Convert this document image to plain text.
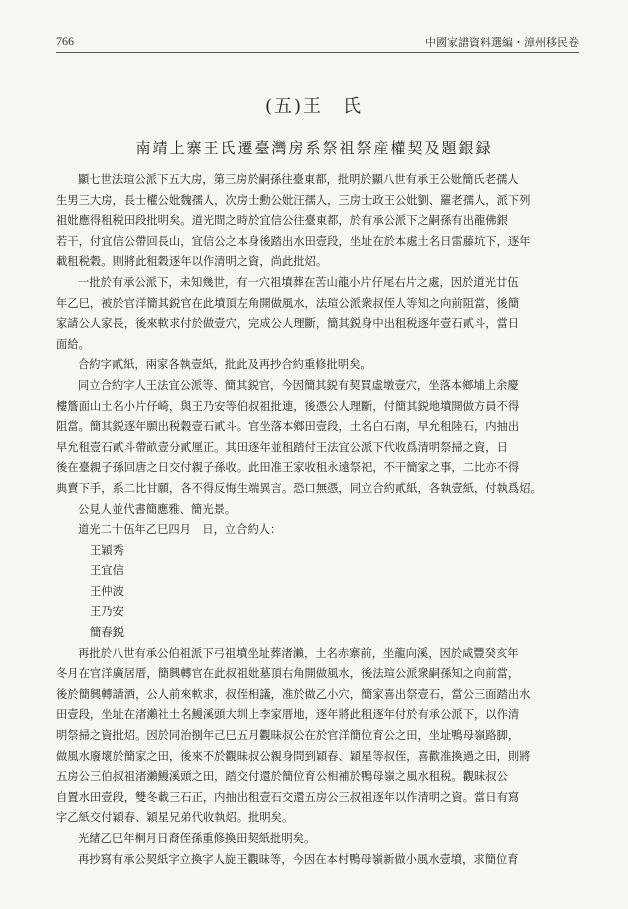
766	中國家譜資料選編・漳州移民卷
(五)王　氏
南靖上寨王氏遷臺灣房系祭祖祭産權契及題銀録
顯七世法瑄公派下五大房，第三房於嗣孫往臺東都，批明於顯八世有承王公妣簡氏老孺人
生男三大房，長士權公妣魏孺人，次房士勳公妣汪孺人，三房士政王公妣劉、羅老孺人，派下列
祖妣應得租税田段批明矣。道光間之時於宜信公往臺東都，於有承公派下之嗣孫有出龍佛銀
若干，付宜信公帶回長山，宜信公之本身後踏出水田壹段，坐址在於本處土名日雷藤坑下，逐年
載租税穀。則將此租穀逐年以作清明之資，尚此批炤。
一批於有承公派下，未知幾世，有一穴祖墳葬在苦山龍小片仔尾右片之處，因於道光廿伍
年乙巳，被於官洋簡其鋭官在此墳頂左角開做風水，法瑄公派衆叔侄人等知之向前阻當，後簡
家請公人家長，後來軟求付於做壹穴，完成公人理斷，簡其鋭身中出租税逐年壹石貳斗，當日
面給。
合約字貳紙，兩家各執壹紙，批此及再抄合約重修批明矣。
同立合約字人王法宜公派等、簡其鋭官，今因簡其鋭有契買虛墩壹穴，坐落本鄉埔上余慶
樓簷面山土名小片仔崎，與王乃安等伯叔祖批連，後憑公人理斷，付簡其鋭地墳開做方員不得
阻當。簡其鋭逐年願出税穀壹石貳斗。官坐落本鄉田壹段，土名白石南，早允租陸石，内抽出
早允租壹石貳斗帶畝壹分貳厘正。其田逐年並租踏付王法宜公派下代收爲清明祭掃之資，日
後在臺親子孫回唐之日交付親子孫收。此田准王家收租永遠祭祀，不干簡家之事，二比亦不得
典賣下手，系二比甘願，各不得反悔生端異言。恐口無憑，同立合約貳紙，各執壹紙，付執爲炤。
公見人並代書簡應雅、簡光景。
道光二十伍年乙巳四月　日，立合約人：
王穎秀
王宜信
王仲波
王乃安
簡春鋭
再批於八世有承公伯祖派下弓祖墳坐址葬渚瀨，土名赤寨前，坐龍向溪，因於咸豐癸亥年
冬月在官洋廣居厝，簡興轉官在此叔祖妣墓頂右角開做風水，後法瑄公派衆嗣孫知之向前當，
後於簡興轉請酒，公人前來軟求，叔侄相議，准於做乙小穴，簡家喜出祭壹石，當公三面踏出水
田壹段，坐址在渚瀨社土名鰻溪頭大圳上李家厝地，逐年將此租逐年付於有承公派下，以作清
明祭掃之資批炤。因於同治捌年己巳五月觀昧叔公在於官洋簡位育公之田，坐址鴨母嶺路脚，
做風水廢壞於簡家之田，後來不於觀昧叔公親身問到穎春、穎星等叔侄，喜歡准換過之田，則將
五房公三伯叔祖渚瀨鰻溪頭之田，踏交付還於簡位育公相補於鴨母嶺之風水租税。觀昧叔公
自置水田壹段，雙冬載三石正，内抽出租壹石交還五房公三叔祖逐年以作清明之資。當日有寫
字乙紙交付穎春、穎星兄弟代收執炤。批明矣。
光緒乙巳年桐月日裔侄孫重修換田契紙批明矣。
再抄寫有承公契紙字立換字人旋王觀昧等，今因在本村鴨母嶺新做小風水壹墳，求簡位育
